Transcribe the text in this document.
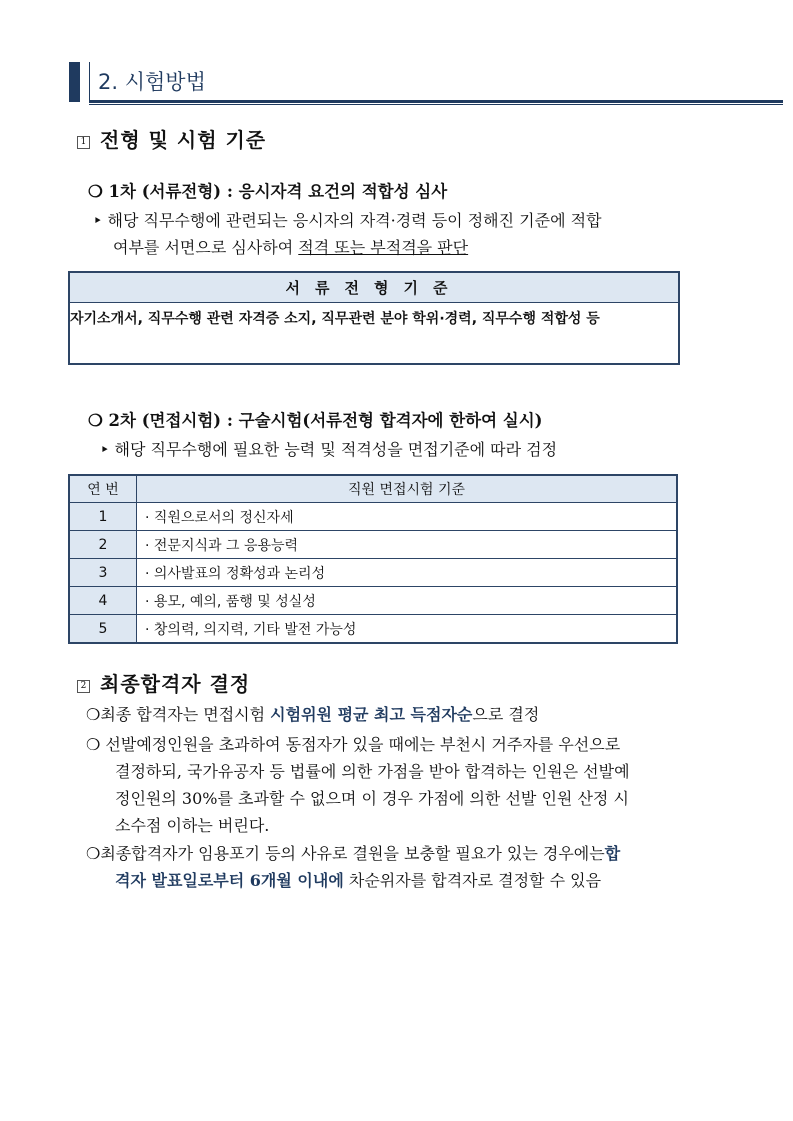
2. 시험방법
1 전형 및 시험 기준
❍ 1차 (서류전형) : 응시자격 요건의 적합성 심사
‣ 해당 직무수행에 관련되는 응시자의 자격·경력 등이 정해진 기준에 적합
여부를 서면으로 심사하여 적격 또는 부적격을 판단
서류전형기준
자기소개서, 직무수행 관련 자격증 소지, 직무관련 분야 학위·경력, 직무수행 적합성 등
❍ 2차 (면접시험) : 구술시험(서류전형 합격자에 한하여 실시)
‣ 해당 직무수행에 필요한 능력 및 적격성을 면접기준에 따라 검정
연 번	직원 면접시험 기준
1	· 직원으로서의 정신자세
2	· 전문지식과 그 응용능력
3	· 의사발표의 정확성과 논리성
4	· 용모, 예의, 품행 및 성실성
5	· 창의력, 의지력, 기타 발전 가능성
2 최종합격자 결정
❍최종 합격자는 면접시험 시험위원 평균 최고 득점자순으로 결정
❍ 선발예정인원을 초과하여 동점자가 있을 때에는 부천시 거주자를 우선으로
결정하되, 국가유공자 등 법률에 의한 가점을 받아 합격하는 인원은 선발예
정인원의 30%를 초과할 수 없으며 이 경우 가점에 의한 선발 인원 산정 시
소수점 이하는 버린다.
❍최종합격자가 임용포기 등의 사유로 결원을 보충할 필요가 있는 경우에는합
격자 발표일로부터 6개월 이내에 차순위자를 합격자로 결정할 수 있음
